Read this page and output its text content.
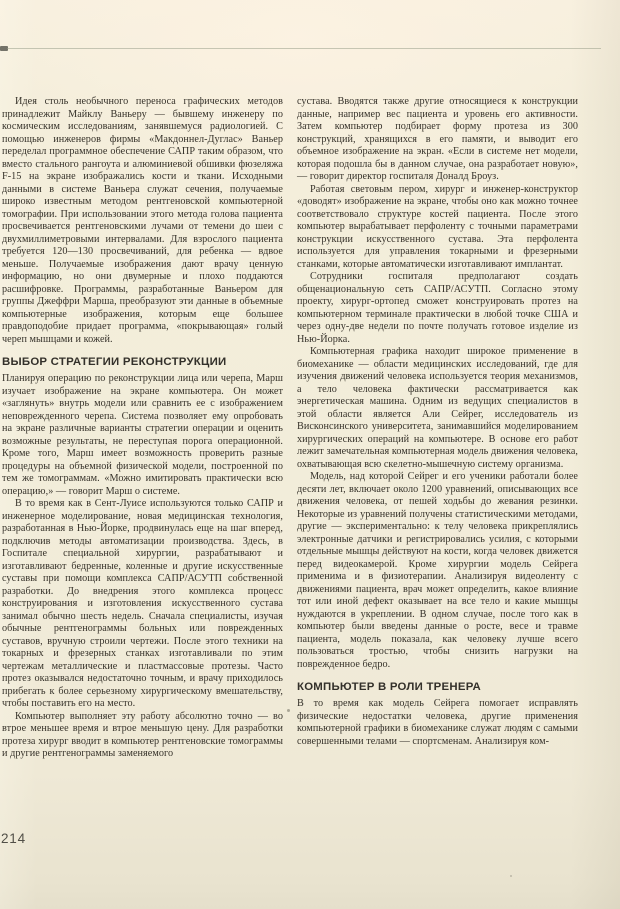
Идея столь необычного переноса графических методов принадлежит Майклу Ваньеру — бывшему инженеру по космическим исследованиям, занявшемуся радиологией. С помощью инженеров фирмы «Макдоннел-Дуглас» Ваньер переделал программное обеспечение САПР таким образом, что вместо стального рангоута и алюминиевой обшивки фюзеляжа F-15 на экране изображались кости и ткани. Исходными данными в системе Ваньера служат сечения, получаемые широко известным методом рентгеновской компьютерной томографии. При использовании этого метода голова пациента просвечивается рентгеновскими лучами от темени до шеи с двухмиллиметровыми интервалами. Для взрослого пациента требуется 120—130 просвечиваний, для ребенка — вдвое меньше. Получаемые изображения дают врачу ценную информацию, но они двумерные и плохо поддаются расшифровке. Программы, разработанные Ваньером для группы Джеффри Марша, преобразуют эти данные в объемные компьютерные изображения, которым еще большее правдоподобие придает программа, «покрывающая» голый череп мышцами и кожей.

ВЫБОР СТРАТЕГИИ РЕКОНСТРУКЦИИ

Планируя операцию по реконструкции лица или черепа, Марш изучает изображение на экране компьютера. Он может «заглянуть» внутрь модели или сравнить ее с изображением неповрежденного черепа. Система позволяет ему опробовать на экране различные варианты стратегии операции и оценить возможные результаты, не переступая порога операционной. Кроме того, Марш имеет возможность проверить разные процедуры на объемной физической модели, построенной по тем же томограммам. «Можно имитировать практически всю операцию,» — говорит Марш о системе.

В то время как в Сент-Луисе используются только САПР и инженерное моделирование, новая медицинская технология, разработанная в Нью-Йорке, продвинулась еще на шаг вперед, подключив методы автоматизации производства. Здесь, в Госпитале специальной хирургии, разрабатывают и изготавливают бедренные, коленные и другие искусственные суставы при помощи комплекса САПР/АСУТП собственной разработки. До внедрения этого комплекса процесс конструирования и изготовления искусственного сустава занимал обычно шесть недель. Сначала специалисты, изучая обычные рентгенограммы больных или поврежденных суставов, вручную строили чертежи. После этого техники на токарных и фрезерных станках изготавливали по этим чертежам металлические и пластмассовые протезы. Часто протез оказывался недостаточно точным, и врачу приходилось прибегать к более серьезному хирургическому вмешательству, чтобы поставить его на место.

Компьютер выполняет эту работу абсолютно точно — во втрое меньшее время и втрое меньшую цену. Для разработки протеза хирург вводит в компьютер рентгеновские томограммы и другие рентгенограммы заменяемого

сустава. Вводятся также другие относящиеся к конструкции данные, например вес пациента и уровень его активности. Затем компьютер подбирает форму протеза из 300 конструкций, хранящихся в его памяти, и выводит его объемное изображение на экран. «Если в системе нет модели, которая подошла бы в данном случае, она разработает новую», — говорит директор госпиталя Доналд Броуз.

Работая световым пером, хирург и инженер-конструктор «доводят» изображение на экране, чтобы оно как можно точнее соответствовало структуре костей пациента. После этого компьютер вырабатывает перфоленту с точными параметрами конструкции искусственного сустава. Эта перфолента используется для управления токарными и фрезерными станками, которые автоматически изготавливают имплантат.

Сотрудники госпиталя предполагают создать общенациональную сеть САПР/АСУТП. Согласно этому проекту, хирург-ортопед сможет конструировать протез на компьютерном терминале практически в любой точке США и через одну-две недели по почте получать готовое изделие из Нью-Йорка.

Компьютерная графика находит широкое применение в биомеханике — области медицинских исследований, где для изучения движений человека используется теория механизмов, а тело человека фактически рассматривается как энергетическая машина. Одним из ведущих специалистов в этой области является Али Сейрег, исследователь из Висконсинского университета, занимавшийся моделированием хирургических операций на компьютере. В основе его работ лежит замечательная компьютерная модель движения человека, охватывающая всю скелетно-мышечную систему организма.

Модель, над которой Сейрег и его ученики работали более десяти лет, включает около 1200 уравнений, описывающих все движения человека, от пешей ходьбы до жевания резинки. Некоторые из уравнений получены статистическими методами, другие — экспериментально: к телу человека прикреплялись электронные датчики и регистрировались усилия, с которыми отдельные мышцы действуют на кости, когда человек движется перед видеокамерой. Кроме хирургии модель Сейрега применима и в физиотерапии. Анализируя видеоленту с движениями пациента, врач может определить, какое влияние тот или иной дефект оказывает на все тело и какие мышцы нуждаются в укреплении. В одном случае, после того как в компьютер были введены данные о росте, весе и травме пациента, модель показала, как человеку лучше всего пользоваться тростью, чтобы снизить нагрузки на поврежденное бедро.

КОМПЬЮТЕР В РОЛИ ТРЕНЕРА

В то время как модель Сейрега помогает исправлять физические недостатки человека, другие применения компьютерной графики в биомеханике служат людям с самыми совершенными телами — спортсменам. Анализируя ком-

214
